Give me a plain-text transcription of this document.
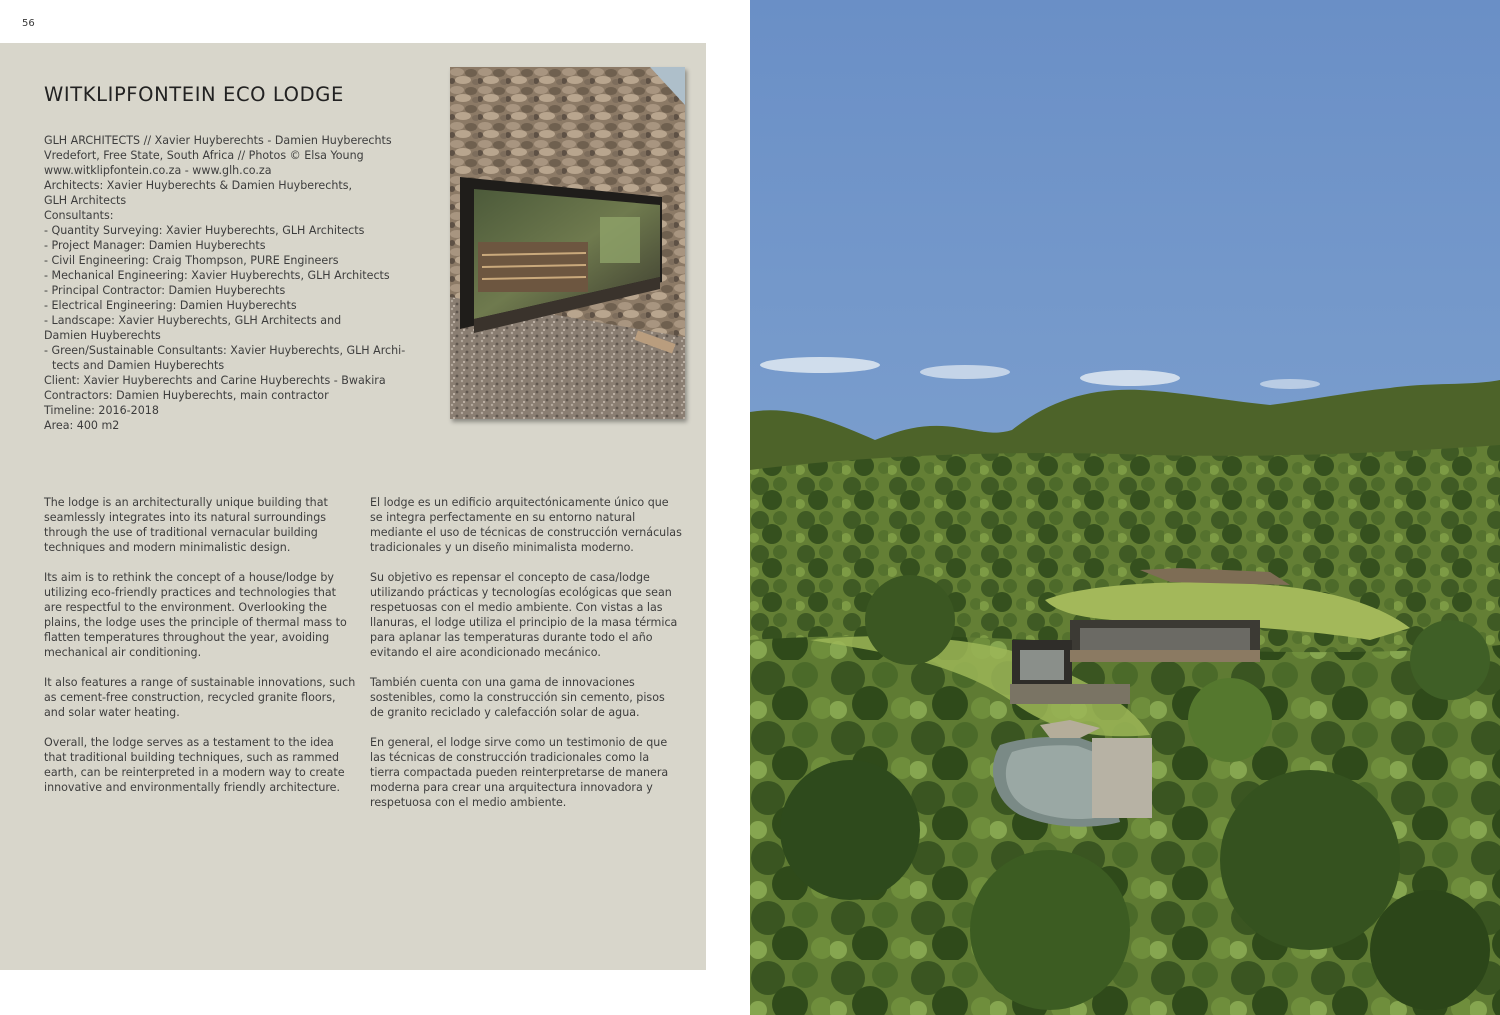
56
WITKLIPFONTEIN ECO LODGE
GLH ARCHITECTS // Xavier Huyberechts - Damien Huyberechts
Vredefort, Free State, South Africa // Photos © Elsa Young
www.witklipfontein.co.za - www.glh.co.za
Architects: Xavier Huyberechts & Damien Huyberechts,
GLH Architects
Consultants:
- Quantity Surveying: Xavier Huyberechts, GLH Architects
- Project Manager: Damien Huyberechts
- Civil Engineering: Craig Thompson, PURE Engineers
- Mechanical Engineering: Xavier Huyberechts, GLH Architects
- Principal Contractor: Damien Huyberechts
- Electrical Engineering: Damien Huyberechts
- Landscape: Xavier Huyberechts, GLH Architects and
Damien Huyberechts
- Green/Sustainable Consultants: Xavier Huyberechts, GLH Archi-
tects and Damien Huyberechts
Client: Xavier Huyberechts and Carine Huyberechts - Bwakira
Contractors: Damien Huyberechts, main contractor
Timeline: 2016-2018
Area: 400 m2

The lodge is an architecturally unique building that seamlessly integrates into its natural surroundings through the use of traditional vernacular building techniques and modern minimalistic design.

Its aim is to rethink the concept of a house/lodge by utilizing eco-friendly practices and technologies that are respectful to the environment. Overlooking the plains, the lodge uses the principle of thermal mass to flatten temperatures throughout the year, avoiding mechanical air conditioning.

It also features a range of sustainable innovations, such as cement-free construction, recycled granite floors, and solar water heating.

Overall, the lodge serves as a testament to the idea that traditional building techniques, such as rammed earth, can be reinterpreted in a modern way to create innovative and environmentally friendly architecture.

El lodge es un edificio arquitectónicamente único que se integra perfectamente en su entorno natural mediante el uso de técnicas de construcción vernáculas tradicionales y un diseño minimalista moderno.

Su objetivo es repensar el concepto de casa/lodge utilizando prácticas y tecnologías ecológicas que sean respetuosas con el medio ambiente. Con vistas a las llanuras, el lodge utiliza el principio de la masa térmica para aplanar las temperaturas durante todo el año evitando el aire acondicionado mecánico.

También cuenta con una gama de innovaciones sostenibles, como la construcción sin cemento, pisos de granito reciclado y calefacción solar de agua.

En general, el lodge sirve como un testimonio de que las técnicas de construcción tradicionales como la tierra compactada pueden reinterpretarse de manera moderna para crear una arquitectura innovadora y respetuosa con el medio ambiente.
